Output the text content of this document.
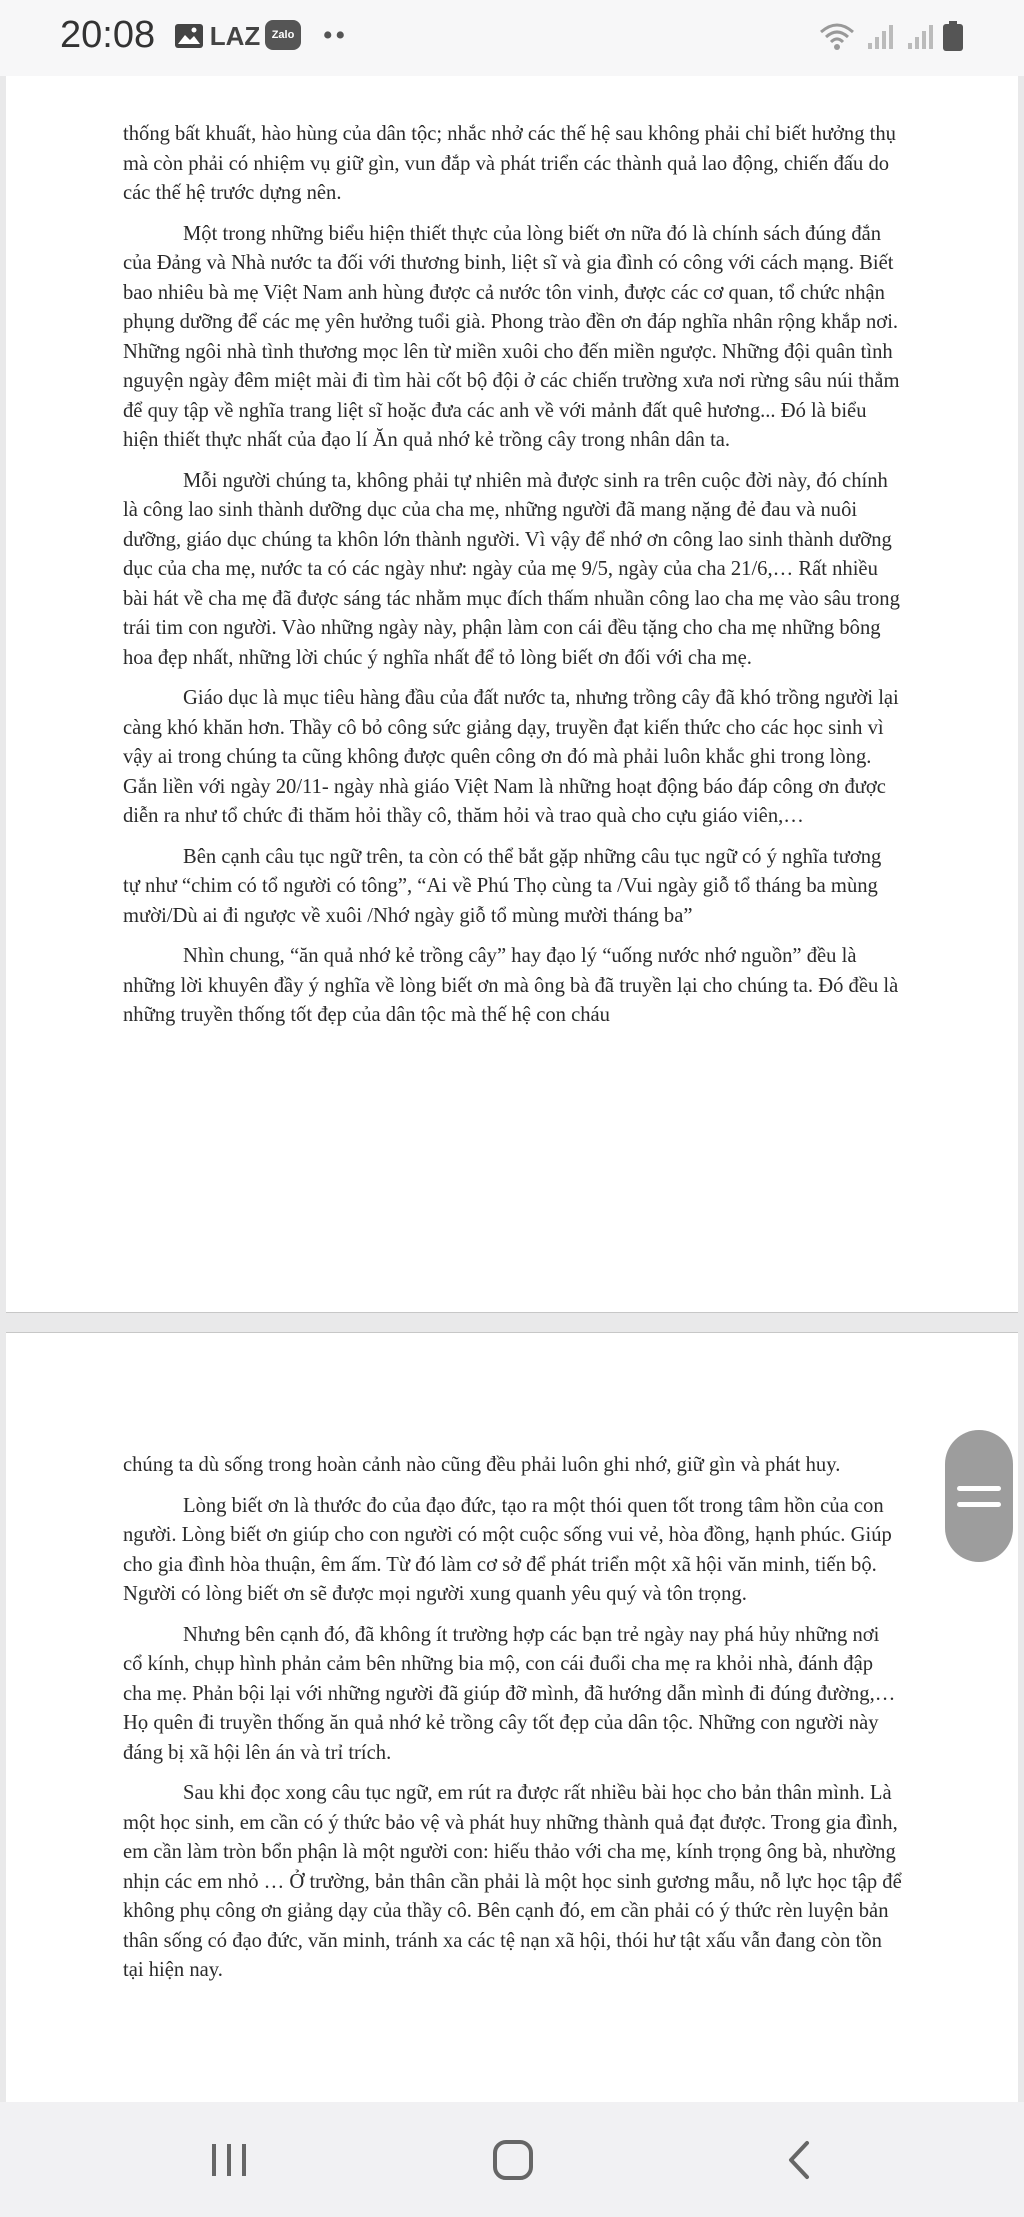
20:08 LAZ	Zalo ••

thống bất khuất, hào hùng của dân tộc; nhắc nhở các thế hệ sau không phải chỉ biết hưởng thụ mà còn phải có nhiệm vụ giữ gìn, vun đắp và phát triển các thành quả lao động, chiến đấu do các thế hệ trước dựng nên.

Một trong những biểu hiện thiết thực của lòng biết ơn nữa đó là chính sách đúng đắn của Đảng và Nhà nước ta đối với thương binh, liệt sĩ và gia đình có công với cách mạng. Biết bao nhiêu bà mẹ Việt Nam anh hùng được cả nước tôn vinh, được các cơ quan, tổ chức nhận phụng dưỡng để các mẹ yên hưởng tuổi già. Phong trào đền ơn đáp nghĩa nhân rộng khắp nơi. Những ngôi nhà tình thương mọc lên từ miền xuôi cho đến miền ngược. Những đội quân tình nguyện ngày đêm miệt mài đi tìm hài cốt bộ đội ở các chiến trường xưa nơi rừng sâu núi thẳm để quy tập về nghĩa trang liệt sĩ hoặc đưa các anh về với mảnh đất quê hương... Đó là biểu hiện thiết thực nhất của đạo lí Ăn quả nhớ kẻ trồng cây trong nhân dân ta.

Mỗi người chúng ta, không phải tự nhiên mà được sinh ra trên cuộc đời này, đó chính là công lao sinh thành dưỡng dục của cha mẹ, những người đã mang nặng đẻ đau và nuôi dưỡng, giáo dục chúng ta khôn lớn thành người. Vì vậy để nhớ ơn công lao sinh thành dưỡng dục của cha mẹ, nước ta có các ngày như: ngày của mẹ 9/5, ngày của cha 21/6,… Rất nhiều bài hát về cha mẹ đã được sáng tác nhằm mục đích thấm nhuần công lao cha mẹ vào sâu trong trái tim con người. Vào những ngày này, phận làm con cái đều tặng cho cha mẹ những bông hoa đẹp nhất, những lời chúc ý nghĩa nhất để tỏ lòng biết ơn đối với cha mẹ.

Giáo dục là mục tiêu hàng đầu của đất nước ta, nhưng trồng cây đã khó trồng người lại càng khó khăn hơn. Thầy cô bỏ công sức giảng dạy, truyền đạt kiến thức cho các học sinh vì vậy ai trong chúng ta cũng không được quên công ơn đó mà phải luôn khắc ghi trong lòng. Gắn liền với ngày 20/11- ngày nhà giáo Việt Nam là những hoạt động báo đáp công ơn được diễn ra như tổ chức đi thăm hỏi thầy cô, thăm hỏi và trao quà cho cựu giáo viên,…

Bên cạnh câu tục ngữ trên, ta còn có thể bắt gặp những câu tục ngữ có ý nghĩa tương tự như “chim có tổ người có tông”, “Ai về Phú Thọ cùng ta /Vui ngày giỗ tổ tháng ba mùng mười/Dù ai đi ngược về xuôi /Nhớ ngày giỗ tổ mùng mười tháng ba”

Nhìn chung, “ăn quả nhớ kẻ trồng cây” hay đạo lý “uống nước nhớ nguồn” đều là những lời khuyên đầy ý nghĩa về lòng biết ơn mà ông bà đã truyền lại cho chúng ta. Đó đều là những truyền thống tốt đẹp của dân tộc mà thế hệ con cháu

chúng ta dù sống trong hoàn cảnh nào cũng đều phải luôn ghi nhớ, giữ gìn và phát huy.

Lòng biết ơn là thước đo của đạo đức, tạo ra một thói quen tốt trong tâm hồn của con người. Lòng biết ơn giúp cho con người có một cuộc sống vui vẻ, hòa đồng, hạnh phúc. Giúp cho gia đình hòa thuận, êm ấm. Từ đó làm cơ sở để phát triển một xã hội văn minh, tiến bộ. Người có lòng biết ơn sẽ được mọi người xung quanh yêu quý và tôn trọng.

Nhưng bên cạnh đó, đã không ít trường hợp các bạn trẻ ngày nay phá hủy những nơi cổ kính, chụp hình phản cảm bên những bia mộ, con cái đuổi cha mẹ ra khỏi nhà, đánh đập cha mẹ. Phản bội lại với những người đã giúp đỡ mình, đã hướng dẫn mình đi đúng đường,…Họ quên đi truyền thống ăn quả nhớ kẻ trồng cây tốt đẹp của dân tộc. Những con người này đáng bị xã hội lên án và trỉ trích.

Sau khi đọc xong câu tục ngữ, em rút ra được rất nhiều bài học cho bản thân mình. Là một học sinh, em cần có ý thức bảo vệ và phát huy những thành quả đạt được. Trong gia đình, em cần làm tròn bổn phận là một người con: hiếu thảo với cha mẹ, kính trọng ông bà, nhường nhịn các em nhỏ … Ở trường, bản thân cần phải là một học sinh gương mẫu, nỗ lực học tập để không phụ công ơn giảng dạy của thầy cô. Bên cạnh đó, em cần phải có ý thức rèn luyện bản thân sống có đạo đức, văn minh, tránh xa các tệ nạn xã hội, thói hư tật xấu vẫn đang còn tồn tại hiện nay.
